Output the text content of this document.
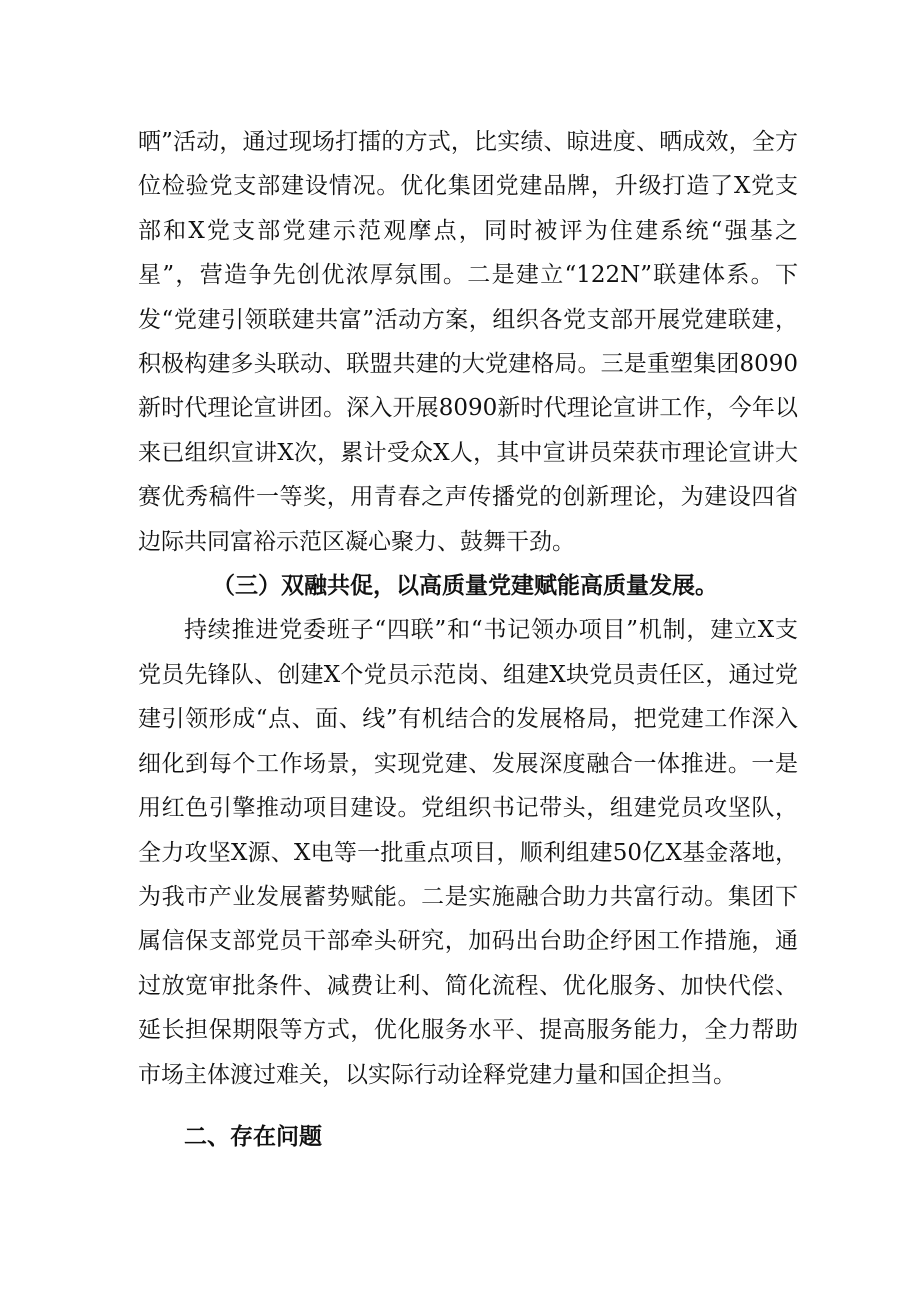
晒”活动，通过现场打擂的方式，比实绩、晾进度、晒成效，全方位检验党支部建设情况。优化集团党建品牌，升级打造了X党支部和X党支部党建示范观摩点，同时被评为住建系统“强基之星”，营造争先创优浓厚氛围。二是建立“122N”联建体系。下发“党建引领联建共富”活动方案，组织各党支部开展党建联建，积极构建多头联动、联盟共建的大党建格局。三是重塑集团8090新时代理论宣讲团。深入开展8090新时代理论宣讲工作，今年以来已组织宣讲X次，累计受众X人，其中宣讲员荣获市理论宣讲大赛优秀稿件一等奖，用青春之声传播党的创新理论，为建设四省边际共同富裕示范区凝心聚力、鼓舞干劲。

（三）双融共促，以高质量党建赋能高质量发展。

持续推进党委班子“四联”和“书记领办项目”机制，建立X支党员先锋队、创建X个党员示范岗、组建X块党员责任区，通过党建引领形成“点、面、线”有机结合的发展格局，把党建工作深入细化到每个工作场景，实现党建、发展深度融合一体推进。一是用红色引擎推动项目建设。党组织书记带头，组建党员攻坚队，全力攻坚X源、X电等一批重点项目，顺利组建50亿X基金落地，为我市产业发展蓄势赋能。二是实施融合助力共富行动。集团下属信保支部党员干部牵头研究，加码出台助企纾困工作措施，通过放宽审批条件、减费让利、简化流程、优化服务、加快代偿、延长担保期限等方式，优化服务水平、提高服务能力，全力帮助市场主体渡过难关，以实际行动诠释党建力量和国企担当。

二、存在问题
